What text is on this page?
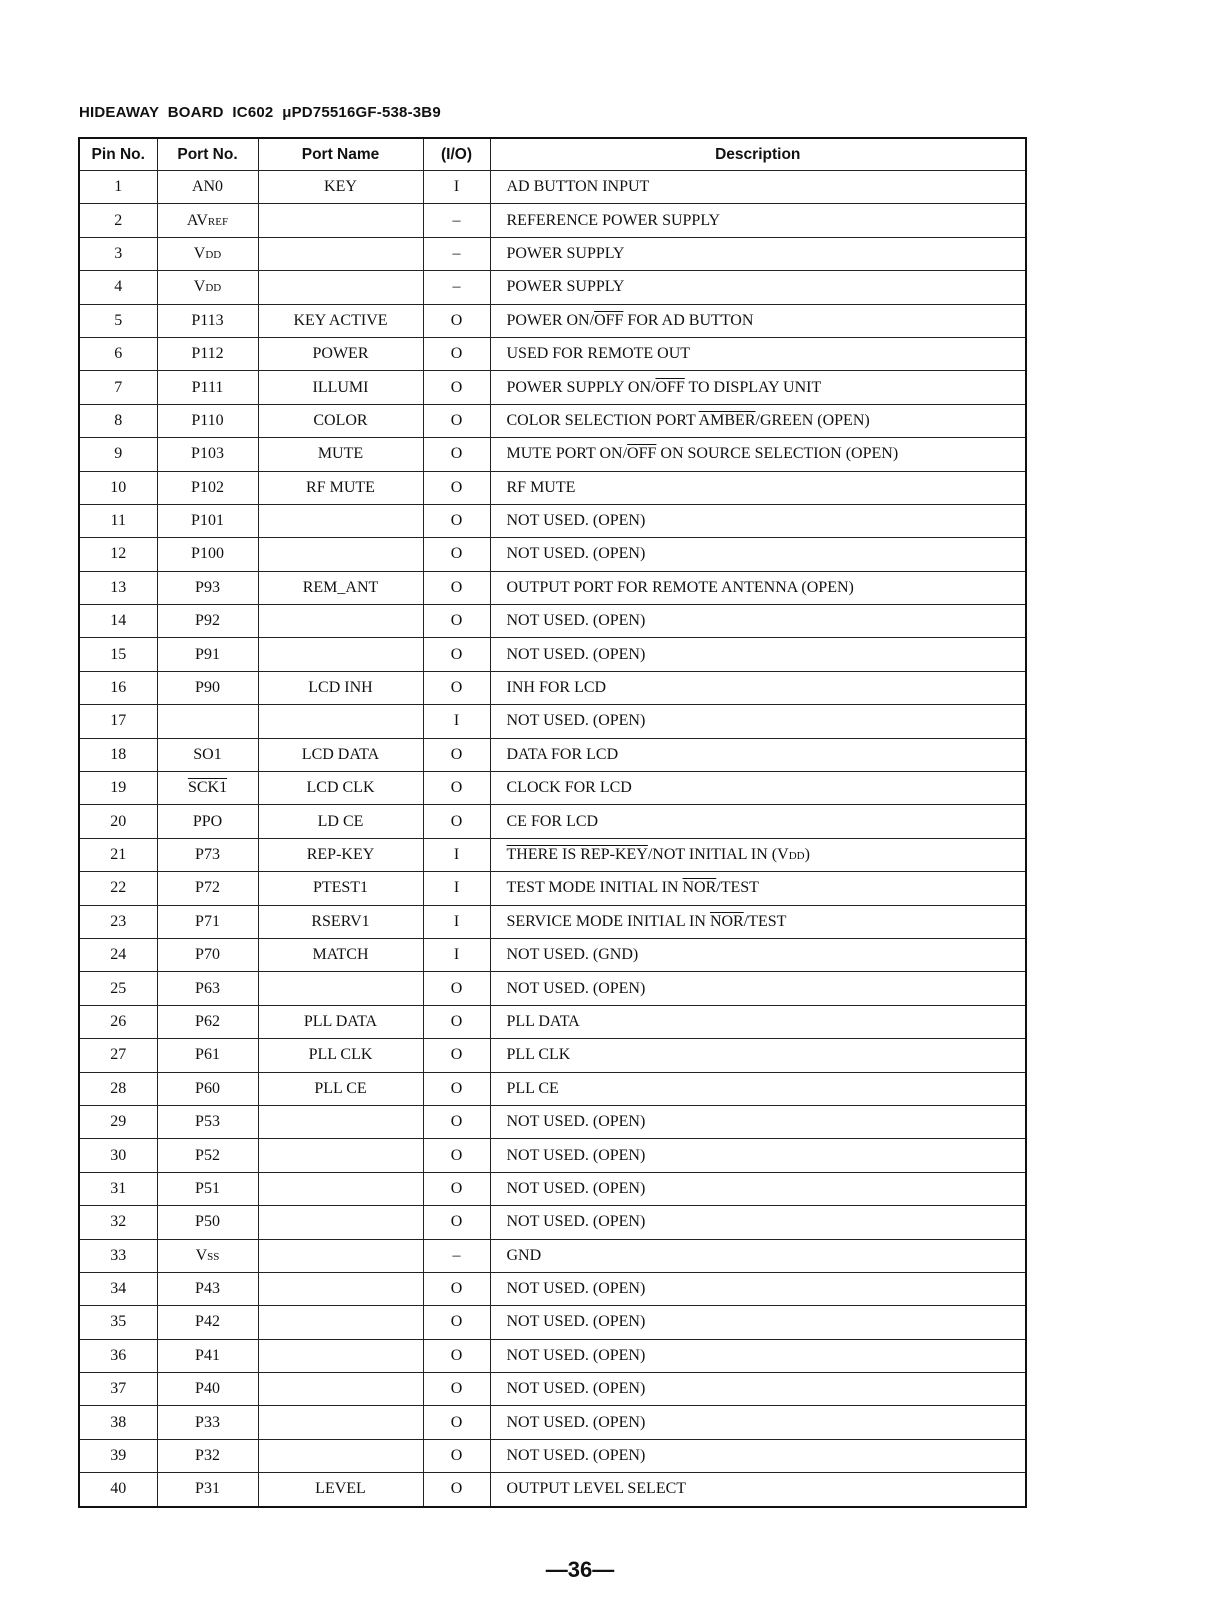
HIDEAWAY  BOARD  IC602  μPD75516GF-538-3B9
Pin No.	Port No.	Port Name	(I/O)	Description
1	AN0	KEY	I	AD BUTTON INPUT
2	AVREF		–	REFERENCE POWER SUPPLY
3	VDD		–	POWER SUPPLY
4	VDD		–	POWER SUPPLY
5	P113	KEY ACTIVE	O	POWER $ON/\overline{OFF}$ FOR AD BUTTON
6	P112	POWER	O	USED FOR REMOTE OUT
7	P111	ILLUMI	O	POWER SUPPLY $ON/\overline{OFF}$ TO DISPLAY UNIT
8	P110	COLOR	O	COLOR SELECTION PORT AMBER/GREEN (OPEN)
9	P103	MUTE	O	MUTE PORT $ON/\overline{OFF}$ ON SOURCE SELECTION (OPEN)
10	P102	RF MUTE	O	RF MUTE
11	P101		O	NOT USED. (OPEN)
12	P100		O	NOT USED. (OPEN)
13	P93	REM_ANT	O	OUTPUT PORT FOR REMOTE ANTENNA (OPEN)
14	P92		O	NOT USED. (OPEN)
15	P91		O	NOT USED. (OPEN)
16	P90	LCD INH	O	INH FOR LCD
17			I	NOT USED. (OPEN)
18	SO1	LCD DATA	O	DATA FOR LCD
19	SCK1	LCD CLK	O	CLOCK FOR LCD
20	PPO	LD CE	O	CE FOR LCD
21	P73	REP-KEY	I	THERE IS REP-KEY/NOT INITIAL IN (VDD)
22	P72	PTEST1	I	TEST MODE INITIAL IN $\overline{NOR}$/TEST
23	P71	RSERV1	I	SERVICE MODE INITIAL IN $\overline{NOR}$/TEST
24	P70	MATCH	I	NOT USED. (GND)
25	P63		O	NOT USED. (OPEN)
26	P62	PLL DATA	O	PLL DATA
27	P61	PLL CLK	O	PLL CLK
28	P60	PLL CE	O	PLL CE
29	P53		O	NOT USED. (OPEN)
30	P52		O	NOT USED. (OPEN)
31	P51		O	NOT USED. (OPEN)
32	P50		O	NOT USED. (OPEN)
33	VSS		–	GND
34	P43		O	NOT USED. (OPEN)
35	P42		O	NOT USED. (OPEN)
36	P41		O	NOT USED. (OPEN)
37	P40		O	NOT USED. (OPEN)
38	P33		O	NOT USED. (OPEN)
39	P32		O	NOT USED. (OPEN)
40	P31	LEVEL	O	OUTPUT LEVEL SELECT
—36—
